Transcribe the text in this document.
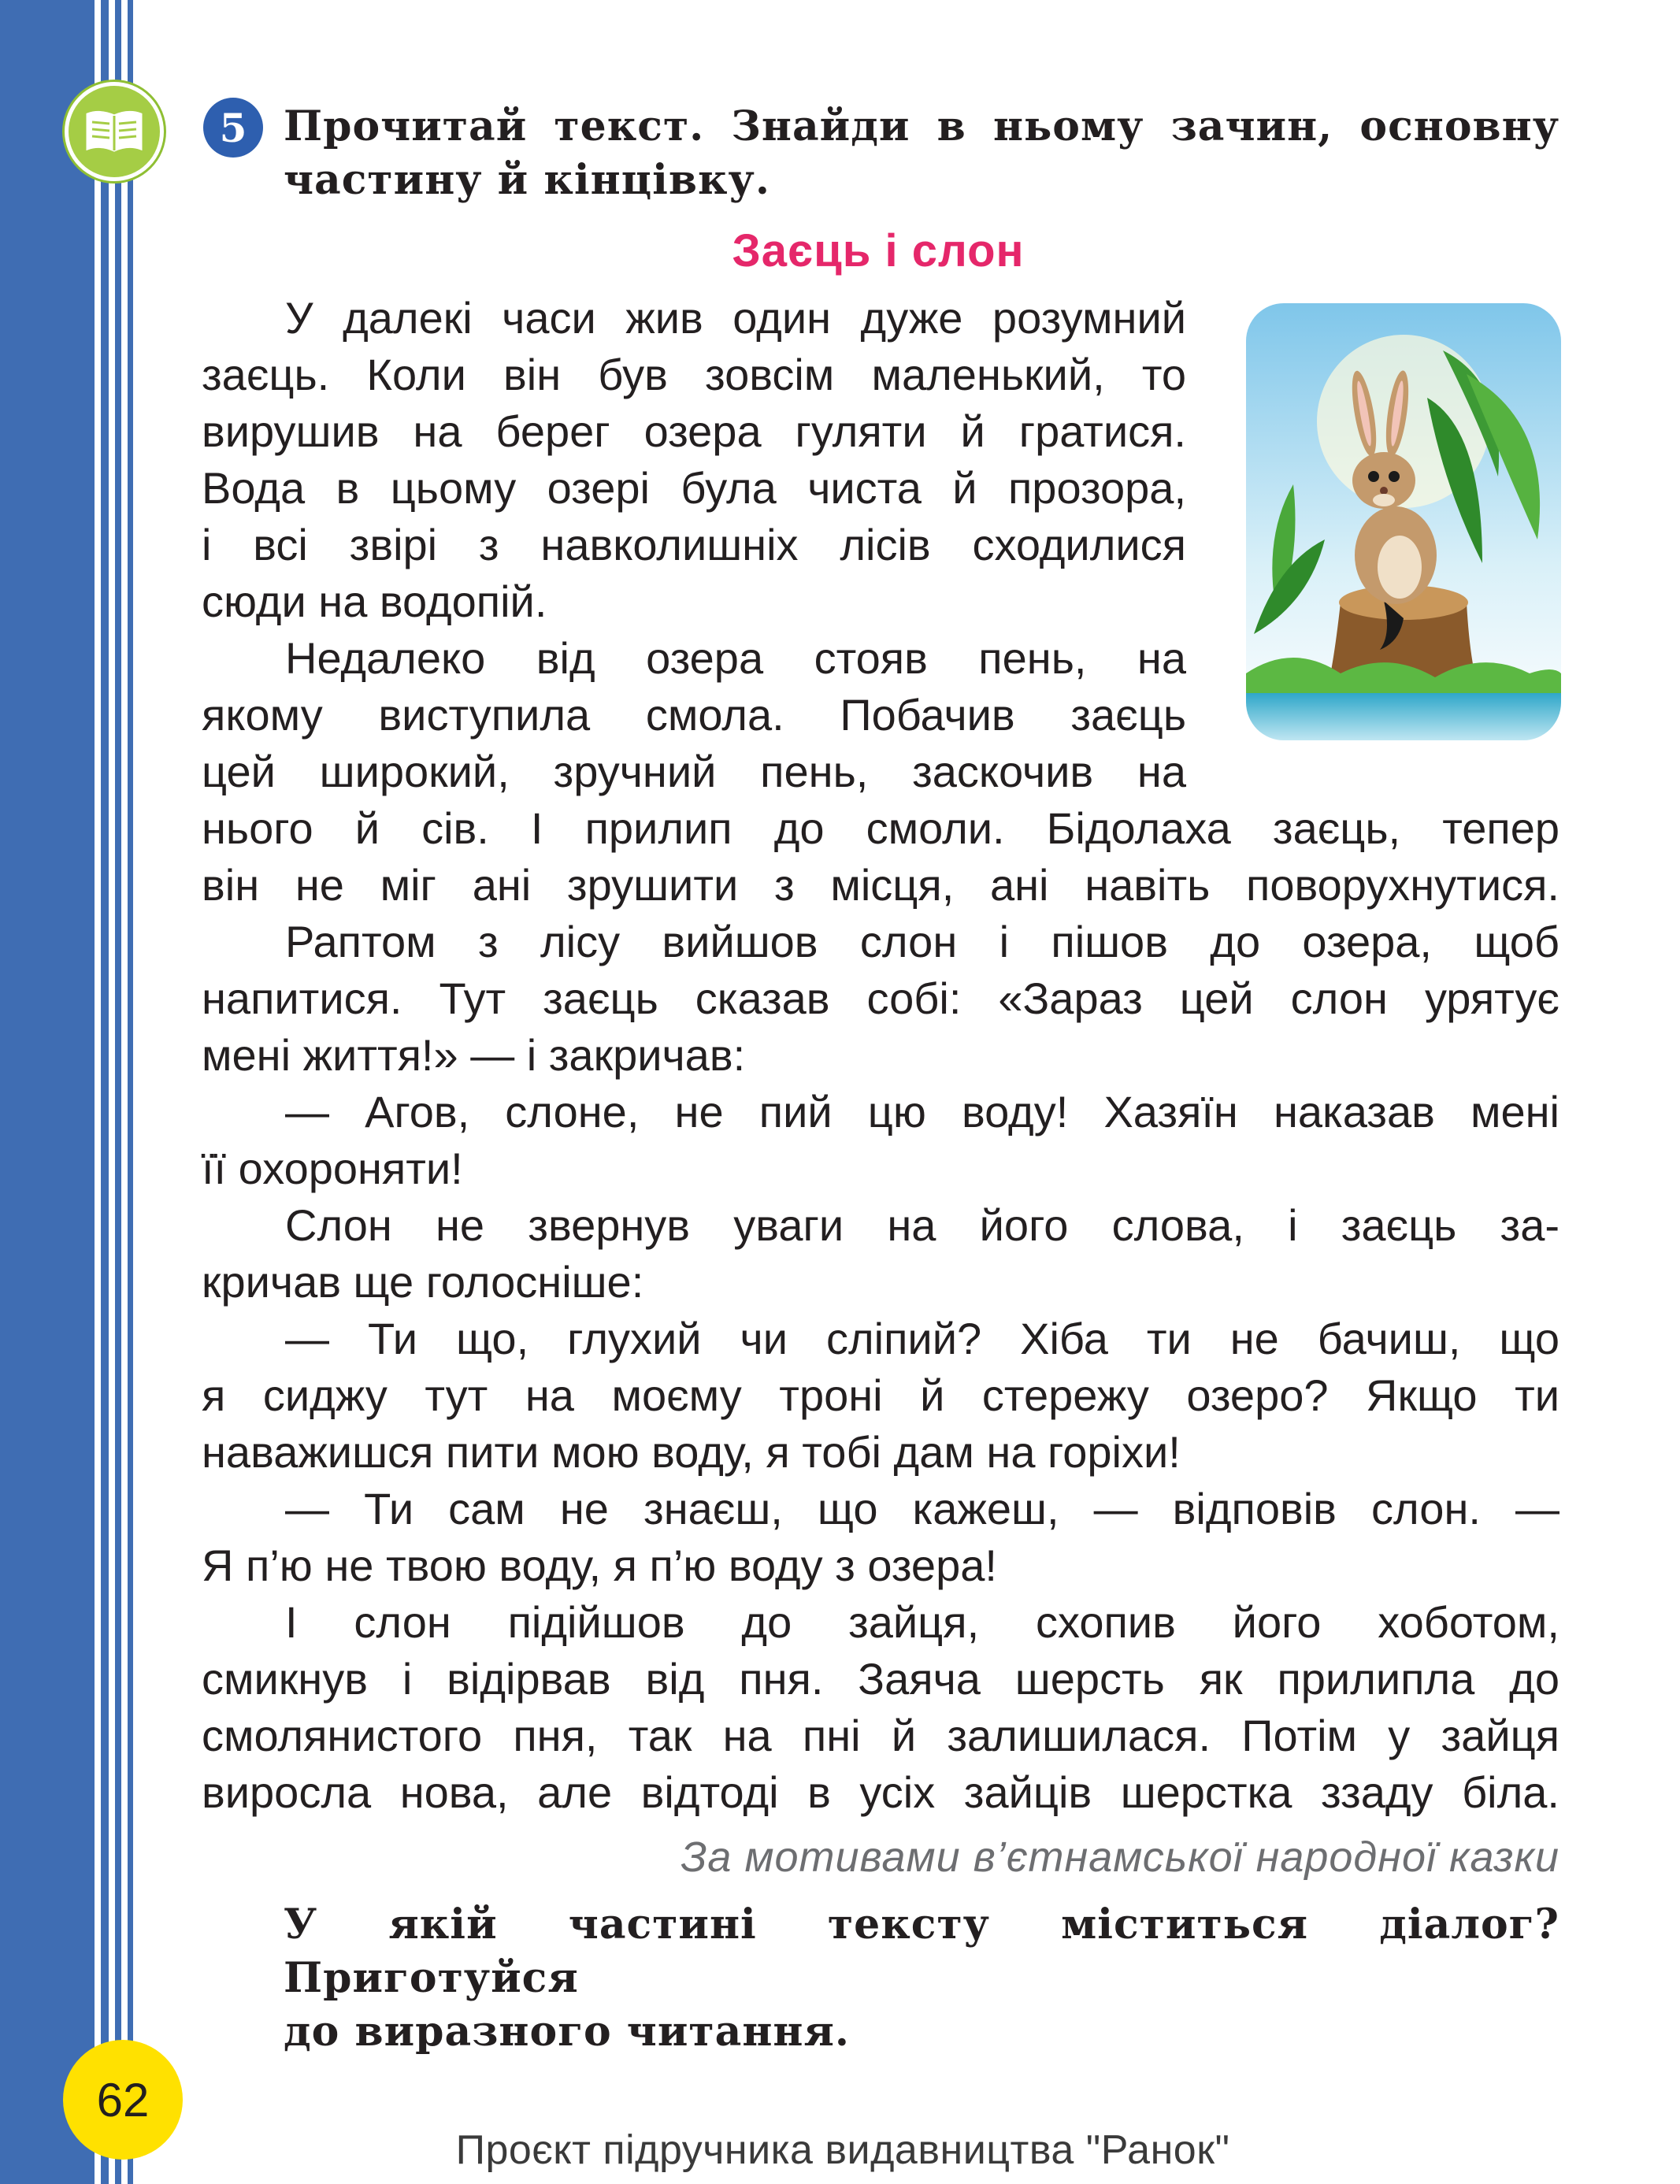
5 Прочитай текст. Знайди в ньому зачин, основну

частину й кінцівку.
Заєць і слон
У далекі часи жив один дуже розумний
заєць. Коли він був зовсім маленький, то
вирушив на берег озера гуляти й гратися.
Вода в цьому озері була чиста й прозора,
і всі звірі з навколишніх лісів сходилися
сюди на водопій.
Недалеко від озера стояв пень, на
якому виступила смола. Побачив заєць
цей широкий, зручний пень, заскочив на
нього й сів. І прилип до смоли. Бідолаха заєць, тепер
він не міг ані зрушити з місця, ані навіть поворухнутися.
Раптом з лісу вийшов слон і пішов до озера, щоб
напитися. Тут заєць сказав собі: «Зараз цей слон урятує
мені життя!» — і закричав:
— Агов, слоне, не пий цю воду! Хазяїн наказав мені
її охороняти!
Слон не звернув уваги на його слова, і заєць за-
кричав ще голосніше:
— Ти що, глухий чи сліпий? Хіба ти не бачиш, що
я сиджу тут на моєму троні й стережу озеро? Якщо ти
наважишся пити мою воду, я тобі дам на горіхи!
— Ти сам не знаєш, що кажеш, — відповів слон. —
Я п’ю не твою воду, я п’ю воду з озера!
І слон підійшов до зайця, схопив його хоботом,
смикнув і відірвав від пня. Заяча шерсть як прилипла до
смолянистого пня, так на пні й залишилася. Потім у зайця
виросла нова, але відтоді в усіх зайців шерстка ззаду біла.
За мотивами в’єтнамської народної казки
У якій частині тексту міститься діалог? Приготуйся

до виразного читання.
62
Проєкт підручника видавництва "Ранок"
